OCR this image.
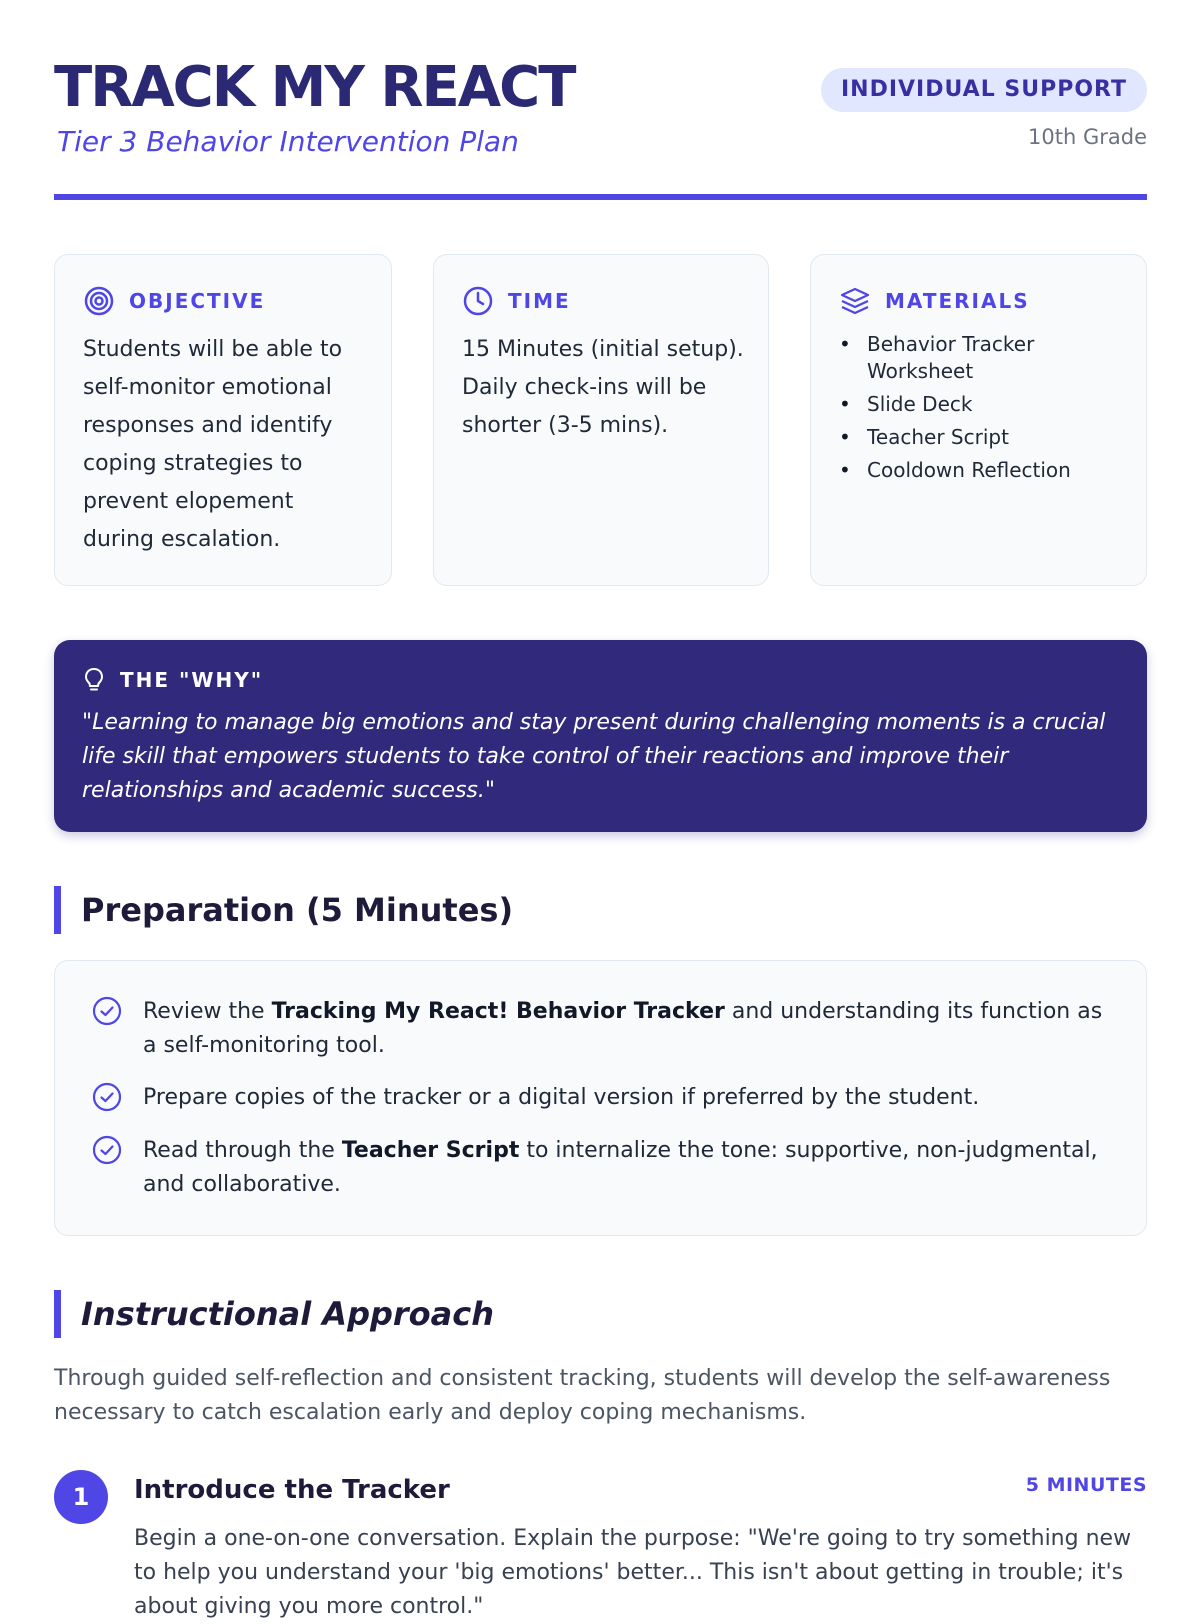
TRACK MY REACT
Tier 3 Behavior Intervention Plan
INDIVIDUAL SUPPORT
10th Grade
OBJECTIVE
Students will be able to self-monitor emotional responses and identify coping strategies to prevent elopement during escalation.
TIME
15 Minutes (initial setup). Daily check-ins will be shorter (3-5 mins).
MATERIALS
• Behavior Tracker Worksheet
• Slide Deck
• Teacher Script
• Cooldown Reflection
THE "WHY"
"Learning to manage big emotions and stay present during challenging moments is a crucial life skill that empowers students to take control of their reactions and improve their relationships and academic success."
Preparation (5 Minutes)
Review the Tracking My React! Behavior Tracker and understanding its function as a self-monitoring tool.
Prepare copies of the tracker or a digital version if preferred by the student.
Read through the Teacher Script to internalize the tone: supportive, non-judgmental, and collaborative.
Instructional Approach
Through guided self-reflection and consistent tracking, students will develop the self-awareness necessary to catch escalation early and deploy coping mechanisms.
1	Introduce the Tracker	5 MINUTES
Begin a one-on-one conversation. Explain the purpose: "We're going to try something new to help you understand your 'big emotions' better... This isn't about getting in trouble; it's about giving you more control."
